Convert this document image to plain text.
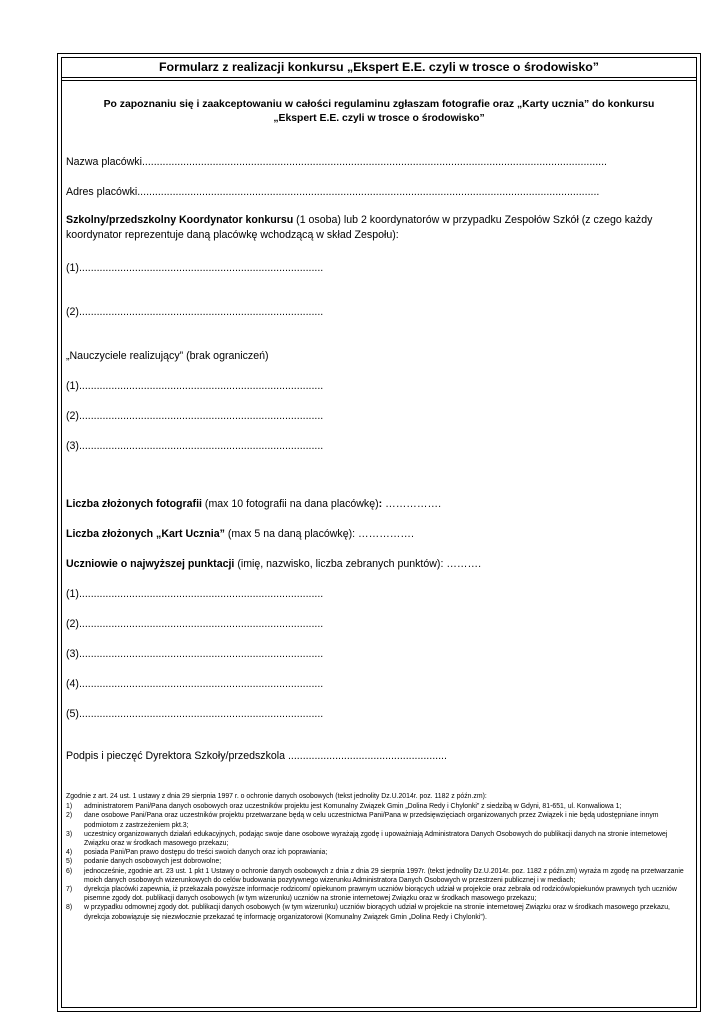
Formularz z realizacji konkursu „Ekspert E.E. czyli w trosce o środowisko”
Po zapoznaniu się i zaakceptowaniu w całości regulaminu zgłaszam fotografie oraz „Karty ucznia” do konkursu
„Ekspert E.E. czyli w trosce o środowisko”
Nazwa placówki..............................................................................................................................................................
Adres placówki.............................................................................................................................................................
Szkolny/przedszkolny Koordynator konkursu (1 osoba) lub 2 koordynatorów w przypadku Zespołów Szkół (z czego każdy koordynator reprezentuje daną placówkę wchodzącą w skład Zespołu):
(1)...................................................................................
(2)...................................................................................
„Nauczyciele realizujący” (brak ograniczeń)
(1)...................................................................................
(2)...................................................................................
(3)...................................................................................
Liczba złożonych fotografii (max 10 fotografii na dana placówkę): …………….
Liczba złożonych „Kart Ucznia” (max 5 na daną placówkę): …………….
Uczniowie o najwyższej punktacji (imię, nazwisko, liczba zebranych punktów): ……….
(1)...................................................................................
(2)...................................................................................
(3)...................................................................................
(4)...................................................................................
(5)...................................................................................
Podpis i pieczęć Dyrektora Szkoły/przedszkola ......................................................
Zgodnie z art. 24 ust. 1 ustawy z dnia 29 sierpnia 1997 r. o ochronie danych osobowych (tekst jednolity Dz.U.2014r. poz. 1182 z późn.zm):
1)	administratorem Pani/Pana danych osobowych oraz uczestników projektu jest Komunalny Związek Gmin „Dolina Redy i Chylonki” z siedzibą w Gdyni, 81-651, ul. Konwaliowa 1;
2)	dane osobowe Pani/Pana oraz uczestników projektu przetwarzane będą w celu uczestnictwa Pani/Pana w przedsięwzięciach organizowanych przez Związek i nie będą udostępniane innym podmiotom z zastrzeżeniem pkt.3;
3)	uczestnicy organizowanych działań edukacyjnych, podając swoje dane osobowe wyrażają zgodę i upoważniają Administratora Danych Osobowych do publikacji danych na stronie internetowej Związku oraz w środkach masowego przekazu;
4)	posiada Pani/Pan prawo dostępu do treści swoich danych oraz ich poprawiania;
5)	podanie danych osobowych jest dobrowolne;
6)	jednocześnie, zgodnie art. 23 ust. 1 pkt 1 Ustawy o ochronie danych osobowych z dnia z dnia 29 sierpnia 1997r. (tekst jednolity Dz.U.2014r. poz. 1182 z późn.zm) wyraża m zgodę na przetwarzanie moich danych osobowych wizerunkowych do celów budowania pozytywnego wizerunku Administratora Danych Osobowych w przestrzeni publicznej i w mediach;
7)	dyrekcja placówki zapewnia, iż przekazała powyższe informacje rodzicom/ opiekunom prawnym uczniów biorących udział w projekcie oraz zebrała od rodziców/opiekunów prawnych tych uczniów pisemne zgody dot. publikacji danych osobowych (w tym wizerunku) uczniów na stronie internetowej Związku oraz w środkach masowego przekazu;
8)	w przypadku odmownej zgody dot. publikacji danych osobowych (w tym wizerunku) uczniów biorących udział w projekcie na stronie internetowej Związku oraz w środkach masowego przekazu, dyrekcja zobowiązuje się niezwłocznie przekazać tę informację organizatorowi (Komunalny Związek Gmin „Dolina Redy i Chylonki”).
